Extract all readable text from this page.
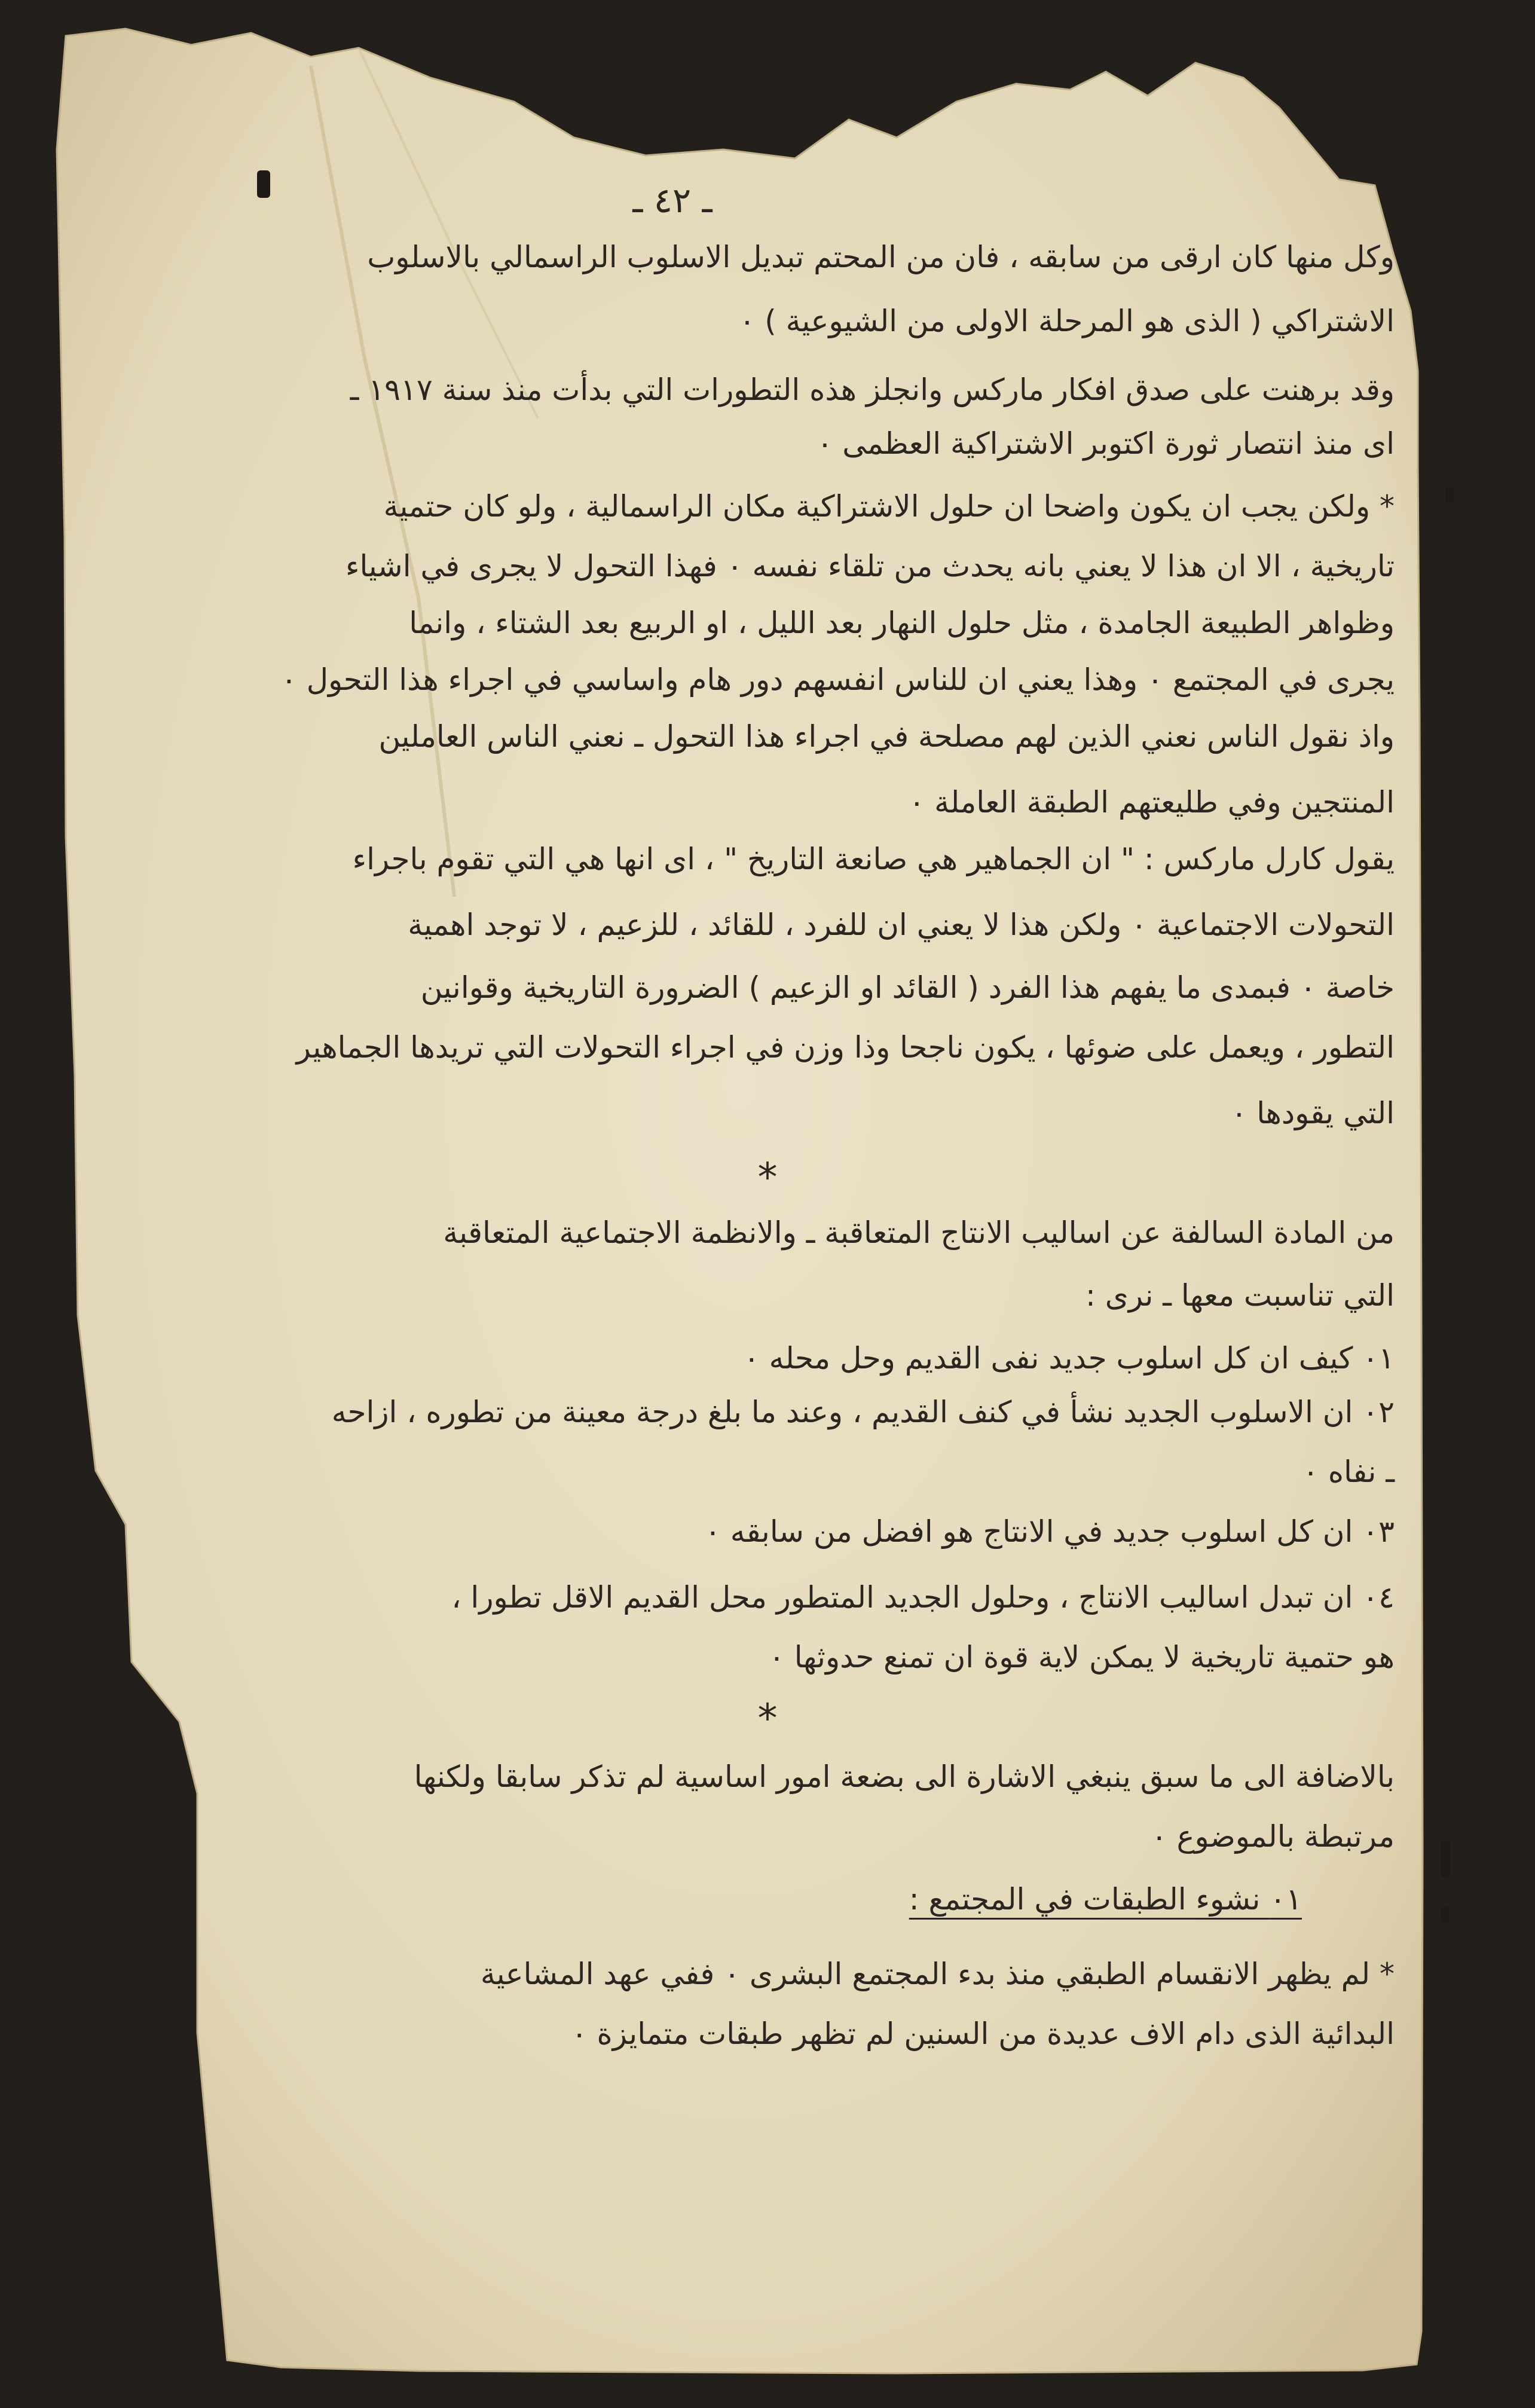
ـ ٤٢ ـ
وكل منها كان ارقى من سابقه ، فان من المحتم تبديل الاسلوب الراسمالي بالاسلوب
الاشتراكي ( الذى هو المرحلة الاولى من الشيوعية ) ٠
وقد برهنت على صدق افكار ماركس وانجلز هذه التطورات التي بدأت منذ سنة ١٩١٧ ـ
اى منذ انتصار ثورة اكتوبر الاشتراكية العظمى ٠
* ولكن يجب ان يكون واضحا ان حلول الاشتراكية مكان الراسمالية ، ولو كان حتمية
تاريخية ، الا ان هذا لا يعني بانه يحدث من تلقاء نفسه ٠ فهذا التحول لا يجرى في اشياء
وظواهر الطبيعة الجامدة ، مثل حلول النهار بعد الليل ، او الربيع بعد الشتاء ، وانما
يجرى في المجتمع ٠ وهذا يعني ان للناس انفسهم دور هام واساسي في اجراء هذا التحول ٠
واذ نقول الناس نعني الذين لهم مصلحة في اجراء هذا التحول ـ نعني الناس العاملين
المنتجين وفي طليعتهم الطبقة العاملة ٠
يقول كارل ماركس : " ان الجماهير هي صانعة التاريخ " ، اى انها هي التي تقوم باجراء
التحولات الاجتماعية ٠ ولكن هذا لا يعني ان للفرد ، للقائد ، للزعيم ، لا توجد اهمية
خاصة ٠ فبمدى ما يفهم هذا الفرد ( القائد او الزعيم ) الضرورة التاريخية وقوانين
التطور ، ويعمل على ضوئها ، يكون ناجحا وذا وزن في اجراء التحولات التي تريدها الجماهير
التي يقودها ٠
*
من المادة السالفة عن اساليب الانتاج المتعاقبة ـ والانظمة الاجتماعية المتعاقبة
التي تناسبت معها ـ نرى :
٠١ كيف ان كل اسلوب جديد نفى القديم وحل محله ٠
٠٢ ان الاسلوب الجديد نشأ في كنف القديم ، وعند ما بلغ درجة معينة من تطوره ، ازاحه
ـ نفاه ٠
٠٣ ان كل اسلوب جديد في الانتاج هو افضل من سابقه ٠
٠٤ ان تبدل اساليب الانتاج ، وحلول الجديد المتطور محل القديم الاقل تطورا ،
هو حتمية تاريخية لا يمكن لاية قوة ان تمنع حدوثها ٠
*
بالاضافة الى ما سبق ينبغي الاشارة الى بضعة امور اساسية لم تذكر سابقا ولكنها
مرتبطة بالموضوع ٠
٠١ نشوء الطبقات في المجتمع :
* لم يظهر الانقسام الطبقي منذ بدء المجتمع البشرى ٠ ففي عهد المشاعية
البدائية الذى دام الاف عديدة من السنين لم تظهر طبقات متمايزة ٠
